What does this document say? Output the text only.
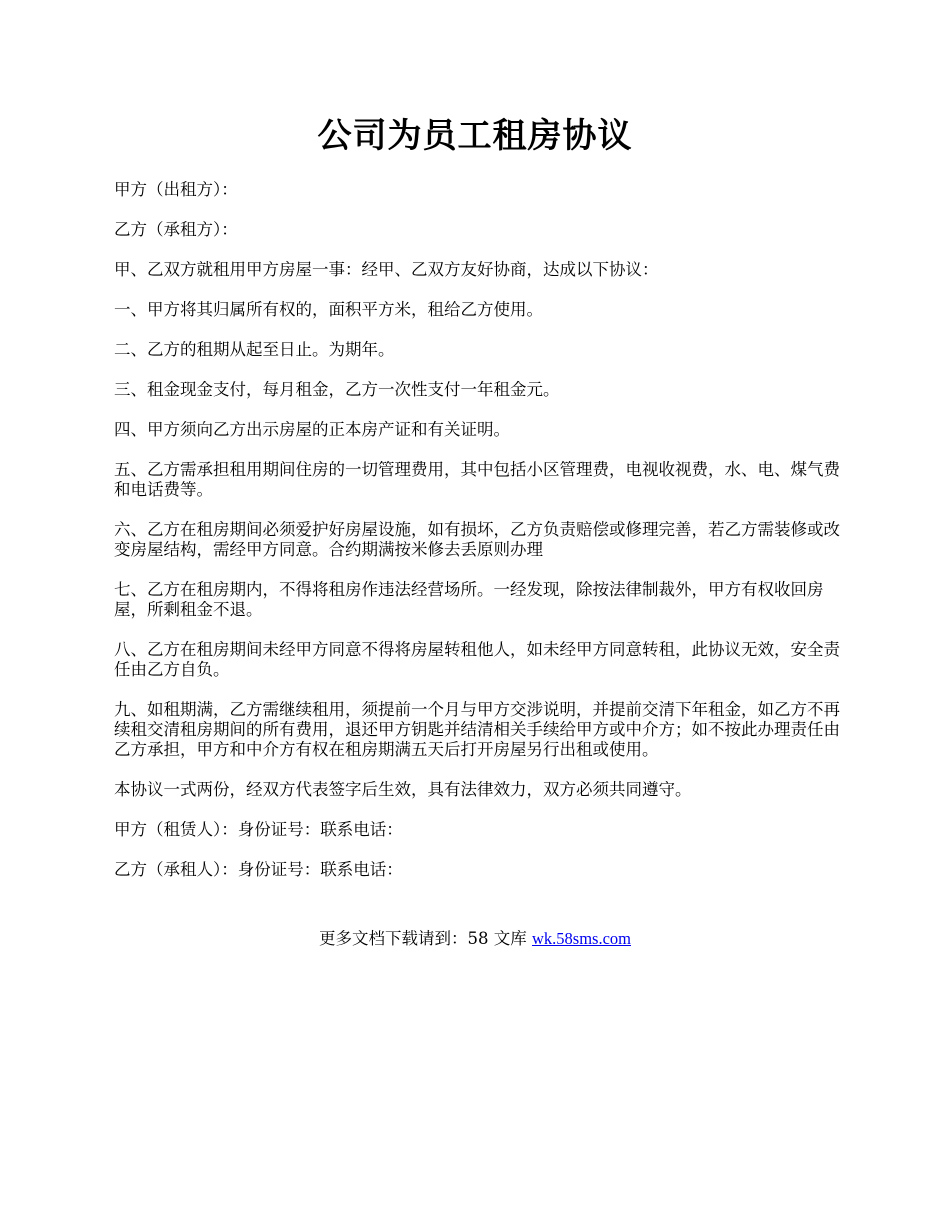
公司为员工租房协议

甲方（出租方）：

乙方（承租方）：

甲、乙双方就租用甲方房屋一事：经甲、乙双方友好协商，达成以下协议：

一、甲方将其归属所有权的，面积平方米，租给乙方使用。

二、乙方的租期从起至日止。为期年。

三、租金现金支付，每月租金，乙方一次性支付一年租金元。

四、甲方须向乙方出示房屋的正本房产证和有关证明。

五、乙方需承担租用期间住房的一切管理费用，其中包括小区管理费，电视收视费，水、电、煤气费和电话费等。

六、乙方在租房期间必须爱护好房屋设施，如有损坏，乙方负责赔偿或修理完善，若乙方需装修或改变房屋结构，需经甲方同意。合约期满按米修去丢原则办理

七、乙方在租房期内，不得将租房作违法经营场所。一经发现，除按法律制裁外，甲方有权收回房屋，所剩租金不退。

八、乙方在租房期间未经甲方同意不得将房屋转租他人，如未经甲方同意转租，此协议无效，安全责任由乙方自负。

九、如租期满，乙方需继续租用，须提前一个月与甲方交涉说明，并提前交清下年租金，如乙方不再续租交清租房期间的所有费用，退还甲方钥匙并结清相关手续给甲方或中介方；如不按此办理责任由乙方承担，甲方和中介方有权在租房期满五天后打开房屋另行出租或使用。

本协议一式两份，经双方代表签字后生效，具有法律效力，双方必须共同遵守。

甲方（租赁人）：身份证号：联系电话：

乙方（承租人）：身份证号：联系电话：

更多文档下载请到：58 文库 wk.58sms.com
